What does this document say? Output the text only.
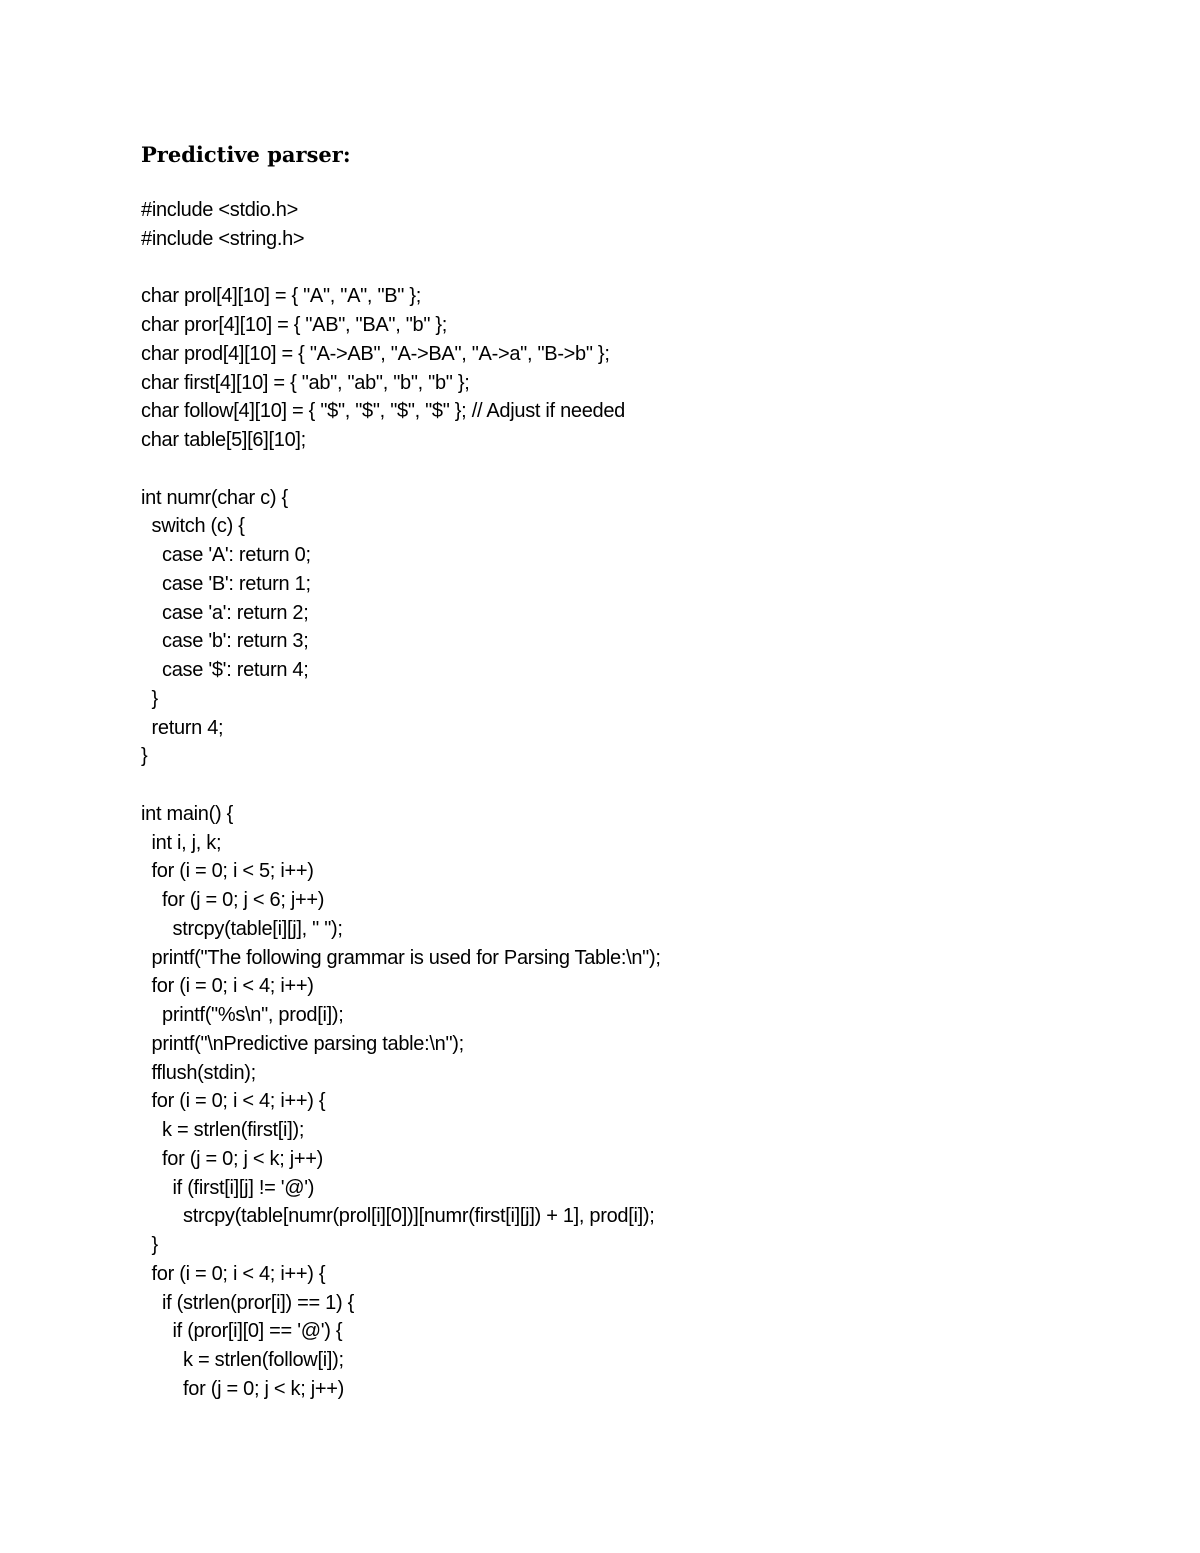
Predictive parser:
#include <stdio.h>
#include <string.h>
char prol[4][10] = { "A", "A", "B" };
char pror[4][10] = { "AB", "BA", "b" };
char prod[4][10] = { "A->AB", "A->BA", "A->a", "B->b" };
char first[4][10] = { "ab", "ab", "b", "b" };
char follow[4][10] = { "$", "$", "$", "$" }; // Adjust if needed
char table[5][6][10];
int numr(char c) {
switch (c) {
case 'A': return 0;
case 'B': return 1;
case 'a': return 2;
case 'b': return 3;
case '$': return 4;
}
return 4;
}
int main() {
int i, j, k;
for (i = 0; i < 5; i++)
for (j = 0; j < 6; j++)
strcpy(table[i][j], " ");
printf("The following grammar is used for Parsing Table:\n");
for (i = 0; i < 4; i++)
printf("%s\n", prod[i]);
printf("\nPredictive parsing table:\n");
fflush(stdin);
for (i = 0; i < 4; i++) {
k = strlen(first[i]);
for (j = 0; j < k; j++)
if (first[i][j] != '@')
strcpy(table[numr(prol[i][0])][numr(first[i][j]) + 1], prod[i]);
}
for (i = 0; i < 4; i++) {
if (strlen(pror[i]) == 1) {
if (pror[i][0] == '@') {
k = strlen(follow[i]);
for (j = 0; j < k; j++)
